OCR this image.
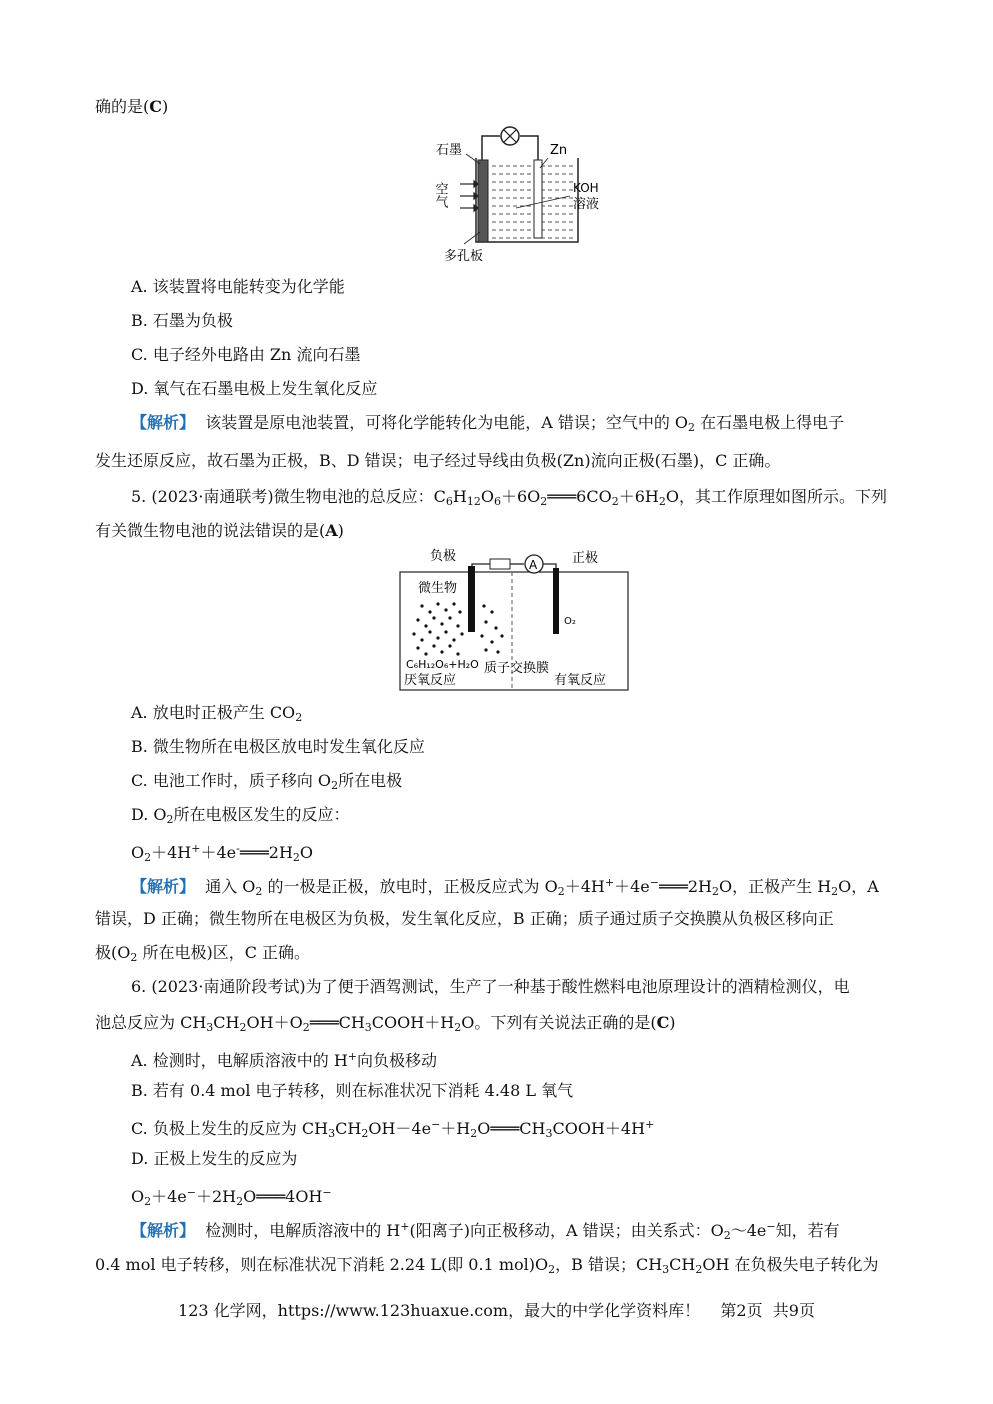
确的是(C)
石墨	Zn
空气	KOH
溶液
多孔板
A. 该装置将电能转变为化学能
B. 石墨为负极
C. 电子经外电路由 Zn 流向石墨
D. 氧气在石墨电极上发生氧化反应
【解析】 该装置是原电池装置，可将化学能转化为电能，A 错误；空气中的 $O_2$ 在石墨电极上得电子
发生还原反应，故石墨为正极，B、D 错误；电子经过导线由负极(Zn)流向正极(石墨)，C 正确。
5. (2023·南通联考)微生物电池的总反应：$C_6H_{12}O_6+6O_2═══6CO_2+6H_2O$，其工作原理如图所示。下列
有关微生物电池的说法错误的是(A)
A
负极	正极
微生物
O₂
C₆H₁₂O₆+H₂O 质子交换膜
厌氧反应	有氧反应
A. 放电时正极产生 $CO_2$
B. 微生物所在电极区放电时发生氧化反应
C. 电池工作时，质子移向 $O_2$所在电极
D. $O_2$所在电极区发生的反应：
$O_2+4H^++4e^-═══2H_2O$
【解析】 通入 $O_2$ 的一极是正极，放电时，正极反应式为 $O_2+4H^++4e^-═══2H_2O$，正极产生 $H_2O$，A
错误，D 正确；微生物所在电极区为负极，发生氧化反应，B 正确；质子通过质子交换膜从负极区移向正
极($O_2$ 所在电极)区，C 正确。
6. (2023·南通阶段考试)为了便于酒驾测试，生产了一种基于酸性燃料电池原理设计的酒精检测仪，电
池总反应为 $CH_3CH_2OH+O_2═══CH_3COOH+H_2O$。下列有关说法正确的是(C)
A. 检测时，电解质溶液中的 H+向负极移动
B. 若有 0.4 mol 电子转移，则在标准状况下消耗 4.48 L 氧气
C. 负极上发生的反应为 $CH_3CH_2OH-4e^-+H_2O═══CH_3COOH+4H^+$
D. 正极上发生的反应为
$O_2+4e^-+2H_2O═══4OH^-$
【解析】 检测时，电解质溶液中的 H+(阳离子)向正极移动，A 错误；由关系式：$O_2\sim 4e^-$知，若有
0.4 mol 电子转移，则在标准状况下消耗 2.24 L(即 0.1 $mol)O_2$，B 错误；$CH_3CH_2OH$ 在负极失电子转化为
123 化学网，https://www.123huaxue.com，最大的中学化学资料库！    第2页  共9页
